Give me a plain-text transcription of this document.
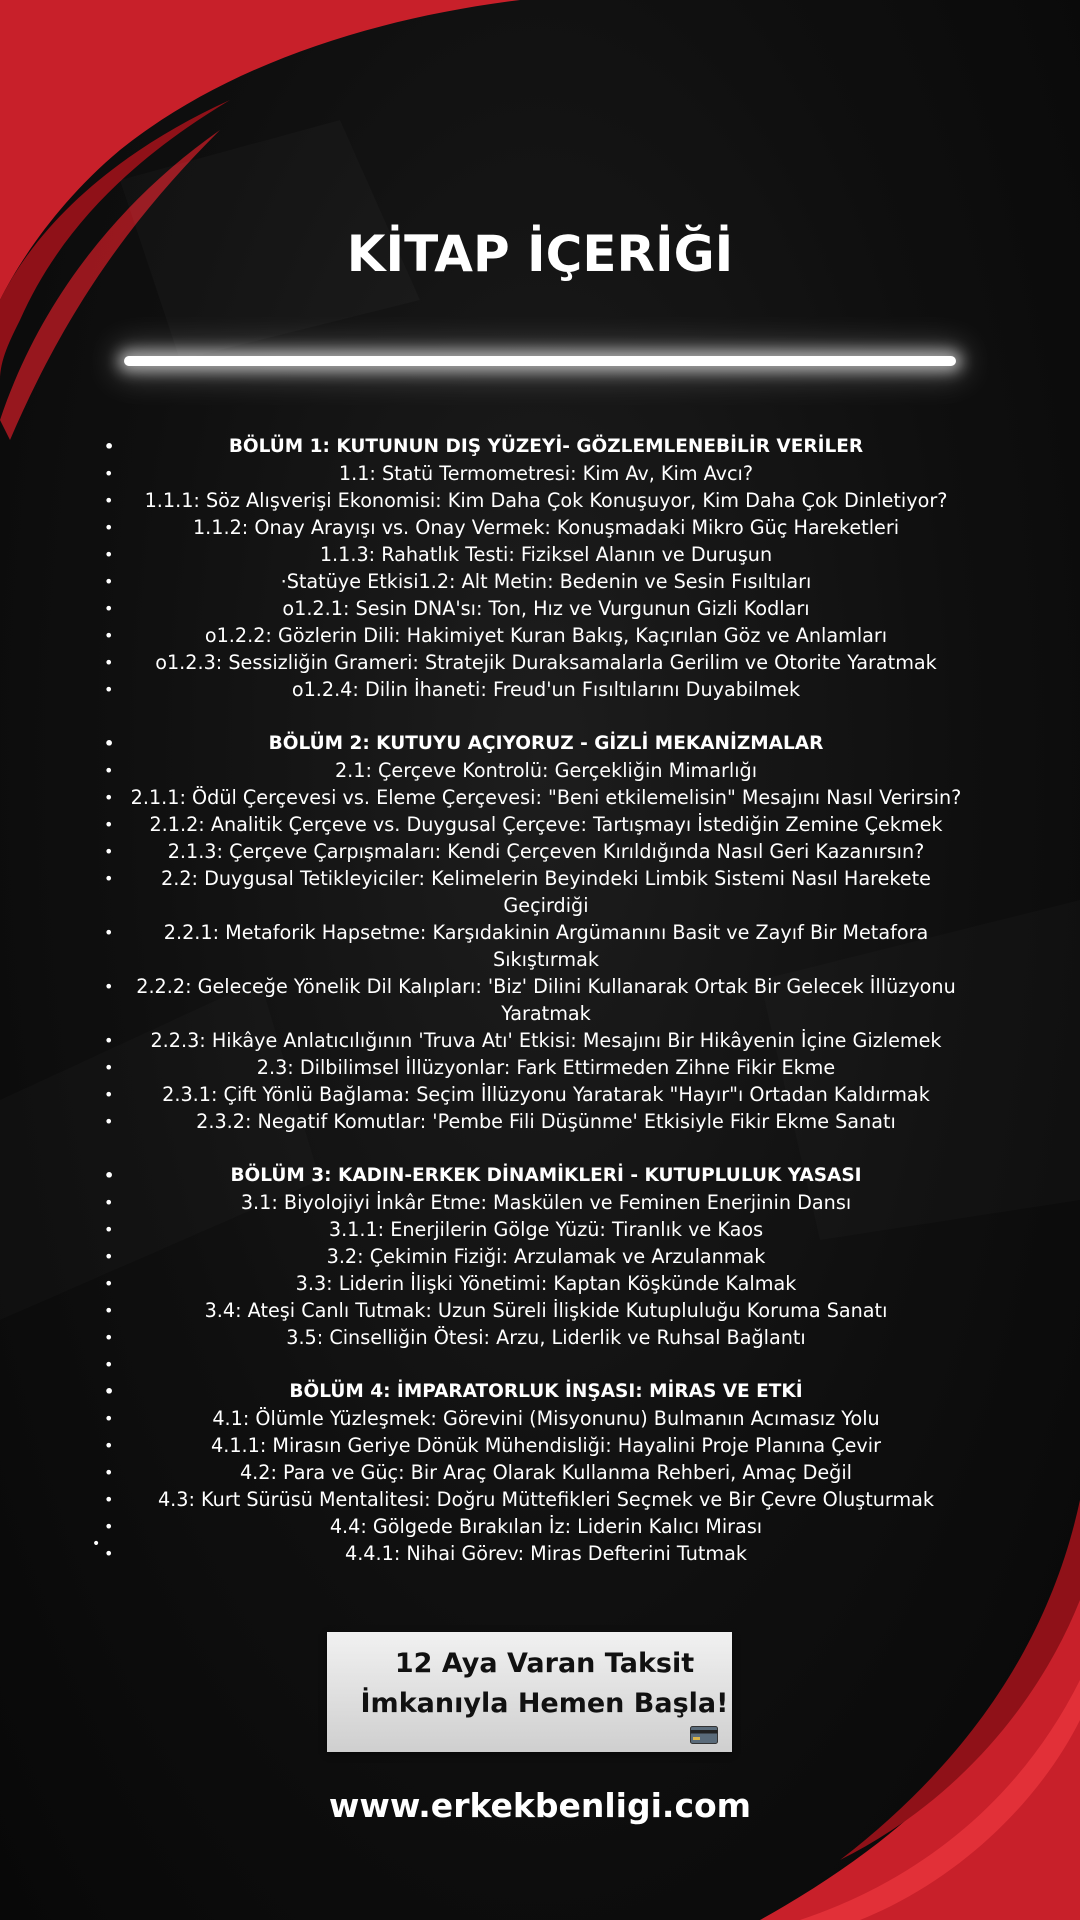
KİTAP İÇERİĞİ
• BÖLÜM 1: KUTUNUN DIŞ YÜZEYİ- GÖZLEMLENEBİLİR VERİLER
• 1.1: Statü Termometresi: Kim Av, Kim Avcı?
• 1.1.1: Söz Alışverişi Ekonomisi: Kim Daha Çok Konuşuyor, Kim Daha Çok Dinletiyor?
• 1.1.2: Onay Arayışı vs. Onay Vermek: Konuşmadaki Mikro Güç Hareketleri
• 1.1.3: Rahatlık Testi: Fiziksel Alanın ve Duruşun
• ·Statüye Etkisi1.2: Alt Metin: Bedenin ve Sesin Fısıltıları
• o1.2.1: Sesin DNA'sı: Ton, Hız ve Vurgunun Gizli Kodları
• o1.2.2: Gözlerin Dili: Hakimiyet Kuran Bakış, Kaçırılan Göz ve Anlamları
• o1.2.3: Sessizliğin Grameri: Stratejik Duraksamalarla Gerilim ve Otorite Yaratmak
• o1.2.4: Dilin İhaneti: Freud'un Fısıltılarını Duyabilmek
• BÖLÜM 2: KUTUYU AÇIYORUZ - GİZLİ MEKANİZMALAR
• 2.1: Çerçeve Kontrolü: Gerçekliğin Mimarlığı
• 2.1.1: Ödül Çerçevesi vs. Eleme Çerçevesi: "Beni etkilemelisin" Mesajını Nasıl Verirsin?
• 2.1.2: Analitik Çerçeve vs. Duygusal Çerçeve: Tartışmayı İstediğin Zemine Çekmek
• 2.1.3: Çerçeve Çarpışmaları: Kendi Çerçeven Kırıldığında Nasıl Geri Kazanırsın?
• 2.2: Duygusal Tetikleyiciler: Kelimelerin Beyindeki Limbik Sistemi Nasıl Harekete Geçirdiği
• 2.2.1: Metaforik Hapsetme: Karşıdakinin Argümanını Basit ve Zayıf Bir Metafora Sıkıştırmak
• 2.2.2: Geleceğe Yönelik Dil Kalıpları: 'Biz' Dilini Kullanarak Ortak Bir Gelecek İllüzyonu Yaratmak
• 2.2.3: Hikâye Anlatıcılığının 'Truva Atı' Etkisi: Mesajını Bir Hikâyenin İçine Gizlemek
• 2.3: Dilbilimsel İllüzyonlar: Fark Ettirmeden Zihne Fikir Ekme
• 2.3.1: Çift Yönlü Bağlama: Seçim İllüzyonu Yaratarak "Hayır"ı Ortadan Kaldırmak
• 2.3.2: Negatif Komutlar: 'Pembe Fili Düşünme' Etkisiyle Fikir Ekme Sanatı
• BÖLÜM 3: KADIN-ERKEK DİNAMİKLERİ - KUTUPLULUK YASASI
• 3.1: Biyolojiyi İnkâr Etme: Maskülen ve Feminen Enerjinin Dansı
• 3.1.1: Enerjilerin Gölge Yüzü: Tiranlık ve Kaos
• 3.2: Çekimin Fiziği: Arzulamak ve Arzulanmak
• 3.3: Liderin İlişki Yönetimi: Kaptan Köşkünde Kalmak
• 3.4: Ateşi Canlı Tutmak: Uzun Süreli İlişkide Kutupluluğu Koruma Sanatı
• 3.5: Cinselliğin Ötesi: Arzu, Liderlik ve Ruhsal Bağlantı
•
• BÖLÜM 4: İMPARATORLUK İNŞASI: MİRAS VE ETKİ
• 4.1: Ölümle Yüzleşmek: Görevini (Misyonunu) Bulmanın Acımasız Yolu
• 4.1.1: Mirasın Geriye Dönük Mühendisliği: Hayalini Proje Planına Çevir
• 4.2: Para ve Güç: Bir Araç Olarak Kullanma Rehberi, Amaç Değil
• 4.3: Kurt Sürüsü Mentalitesi: Doğru Müttefikleri Seçmek ve Bir Çevre Oluşturmak
• 4.4: Gölgede Bırakılan İz: Liderin Kalıcı Mirası
• 4.4.1: Nihai Görev: Miras Defterini Tutmak
•
12 Aya Varan Taksit
İmkanıyla Hemen Başla!
www.erkekbenligi.com
